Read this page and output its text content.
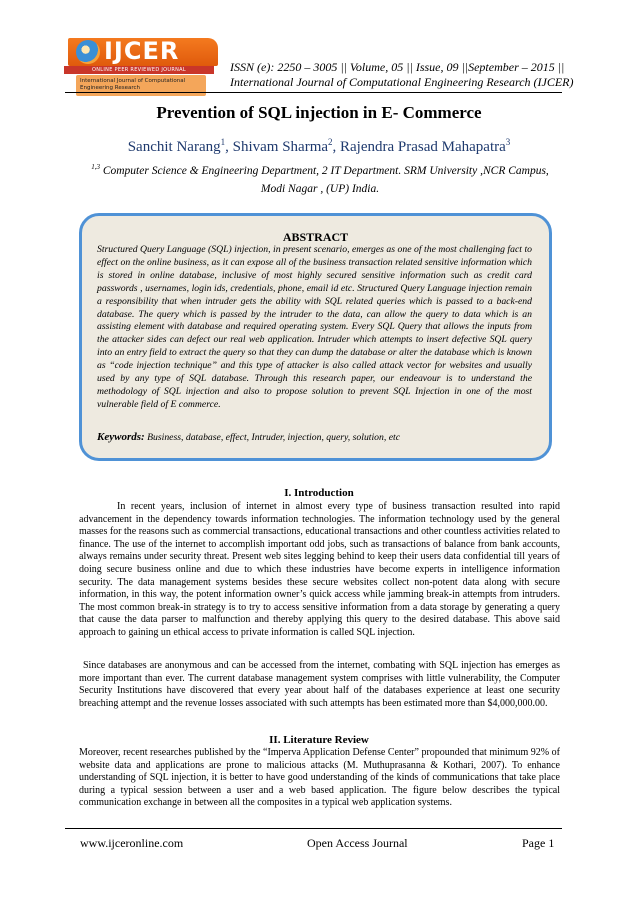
IJCER
ONLINE PEER REVIEWED JOURNAL
International Journal of Computational Engineering Research
ISSN (e): 2250 – 3005 || Volume, 05 || Issue, 09 ||September – 2015 ||
International Journal of Computational Engineering Research (IJCER)
Prevention of SQL injection in E- Commerce
Sanchit Narang$^1$, Shivam Sharma$^2$, Rajendra Prasad Mahapatra$^3$
$^{1,3}$ Computer Science & Engineering Department, 2 IT Department. SRM University ,NCR Campus,
Modi Nagar , (UP) India.
ABSTRACT
Structured Query Language (SQL) injection, in present scenario, emerges as one of the most challenging fact to effect on the online business, as it can expose all of the business transaction related sensitive information which is stored in online database, inclusive of most highly secured sensitive information such as credit card passwords , usernames, login ids, credentials, phone, email id etc. Structured Query Language injection remain a responsibility that when intruder gets the ability with SQL related queries which is passed to a back-end database. The query which is passed by the intruder to the data, can allow the query to data which is an assisting element with database and required operating system. Every SQL Query that allows the inputs from the attacker sides can defect our real web application. Intruder which attempts to insert defective SQL query into an entry field to extract the query so that they can dump the database or alter the database which is known as “code injection technique” and this type of attacker is also called attack vector for websites and usually used by any type of SQL database. Through this research paper, our endeavour is to understand the methodology of SQL injection and also to propose solution to prevent SQL Injection in one of the most vulnerable field of E commerce.
Keywords: Business, database, effect, Intruder, injection, query, solution, etc
I. Introduction
In recent years, inclusion of internet in almost every type of business transaction resulted into rapid advancement in the dependency towards information technologies. The information technology used by the general masses for the reasons such as commercial transactions, educational transactions and other countless activities related to finance. The use of the internet to accomplish important odd jobs, such as transactions of balance from bank accounts, always remains under security threat. Present web sites legging behind to keep their users data confidential till years of doing secure business online and due to which these industries have become experts in intelligence information security. The data management systems besides these secure websites collect non-potent data along with secure information, in this way, the potent information owner’s quick access while jamming break-in attempts from intruders. The most common break-in strategy is to try to access sensitive information from a data storage by generating a query that cause the data parser to malfunction and thereby applying this query to the desired database. This above said approach to gaining un ethical access to private information is called SQL injection.
Since databases are anonymous and can be accessed from the internet, combating with SQL injection has emerges as more important than ever. The current database management system comprises with little vulnerability, the Computer Security Institutions have discovered that every year about half of the databases experience at least one security breaching attempt and the revenue losses associated with such attempts has been estimated more than $4,000,000.00.
II. Literature Review
Moreover, recent researches published by the “Imperva Application Defense Center” propounded that minimum 92% of website data and applications are prone to malicious attacks (M. Muthuprasanna & Kothari, 2007). To enhance understanding of SQL injection, it is better to have good understanding of the kinds of communications that take place during a typical session between a user and a web based application. The figure below describes the typical communication exchange in between all the composites in a typical web application systems.
www.ijceronline.com	Open Access Journal	Page 1
